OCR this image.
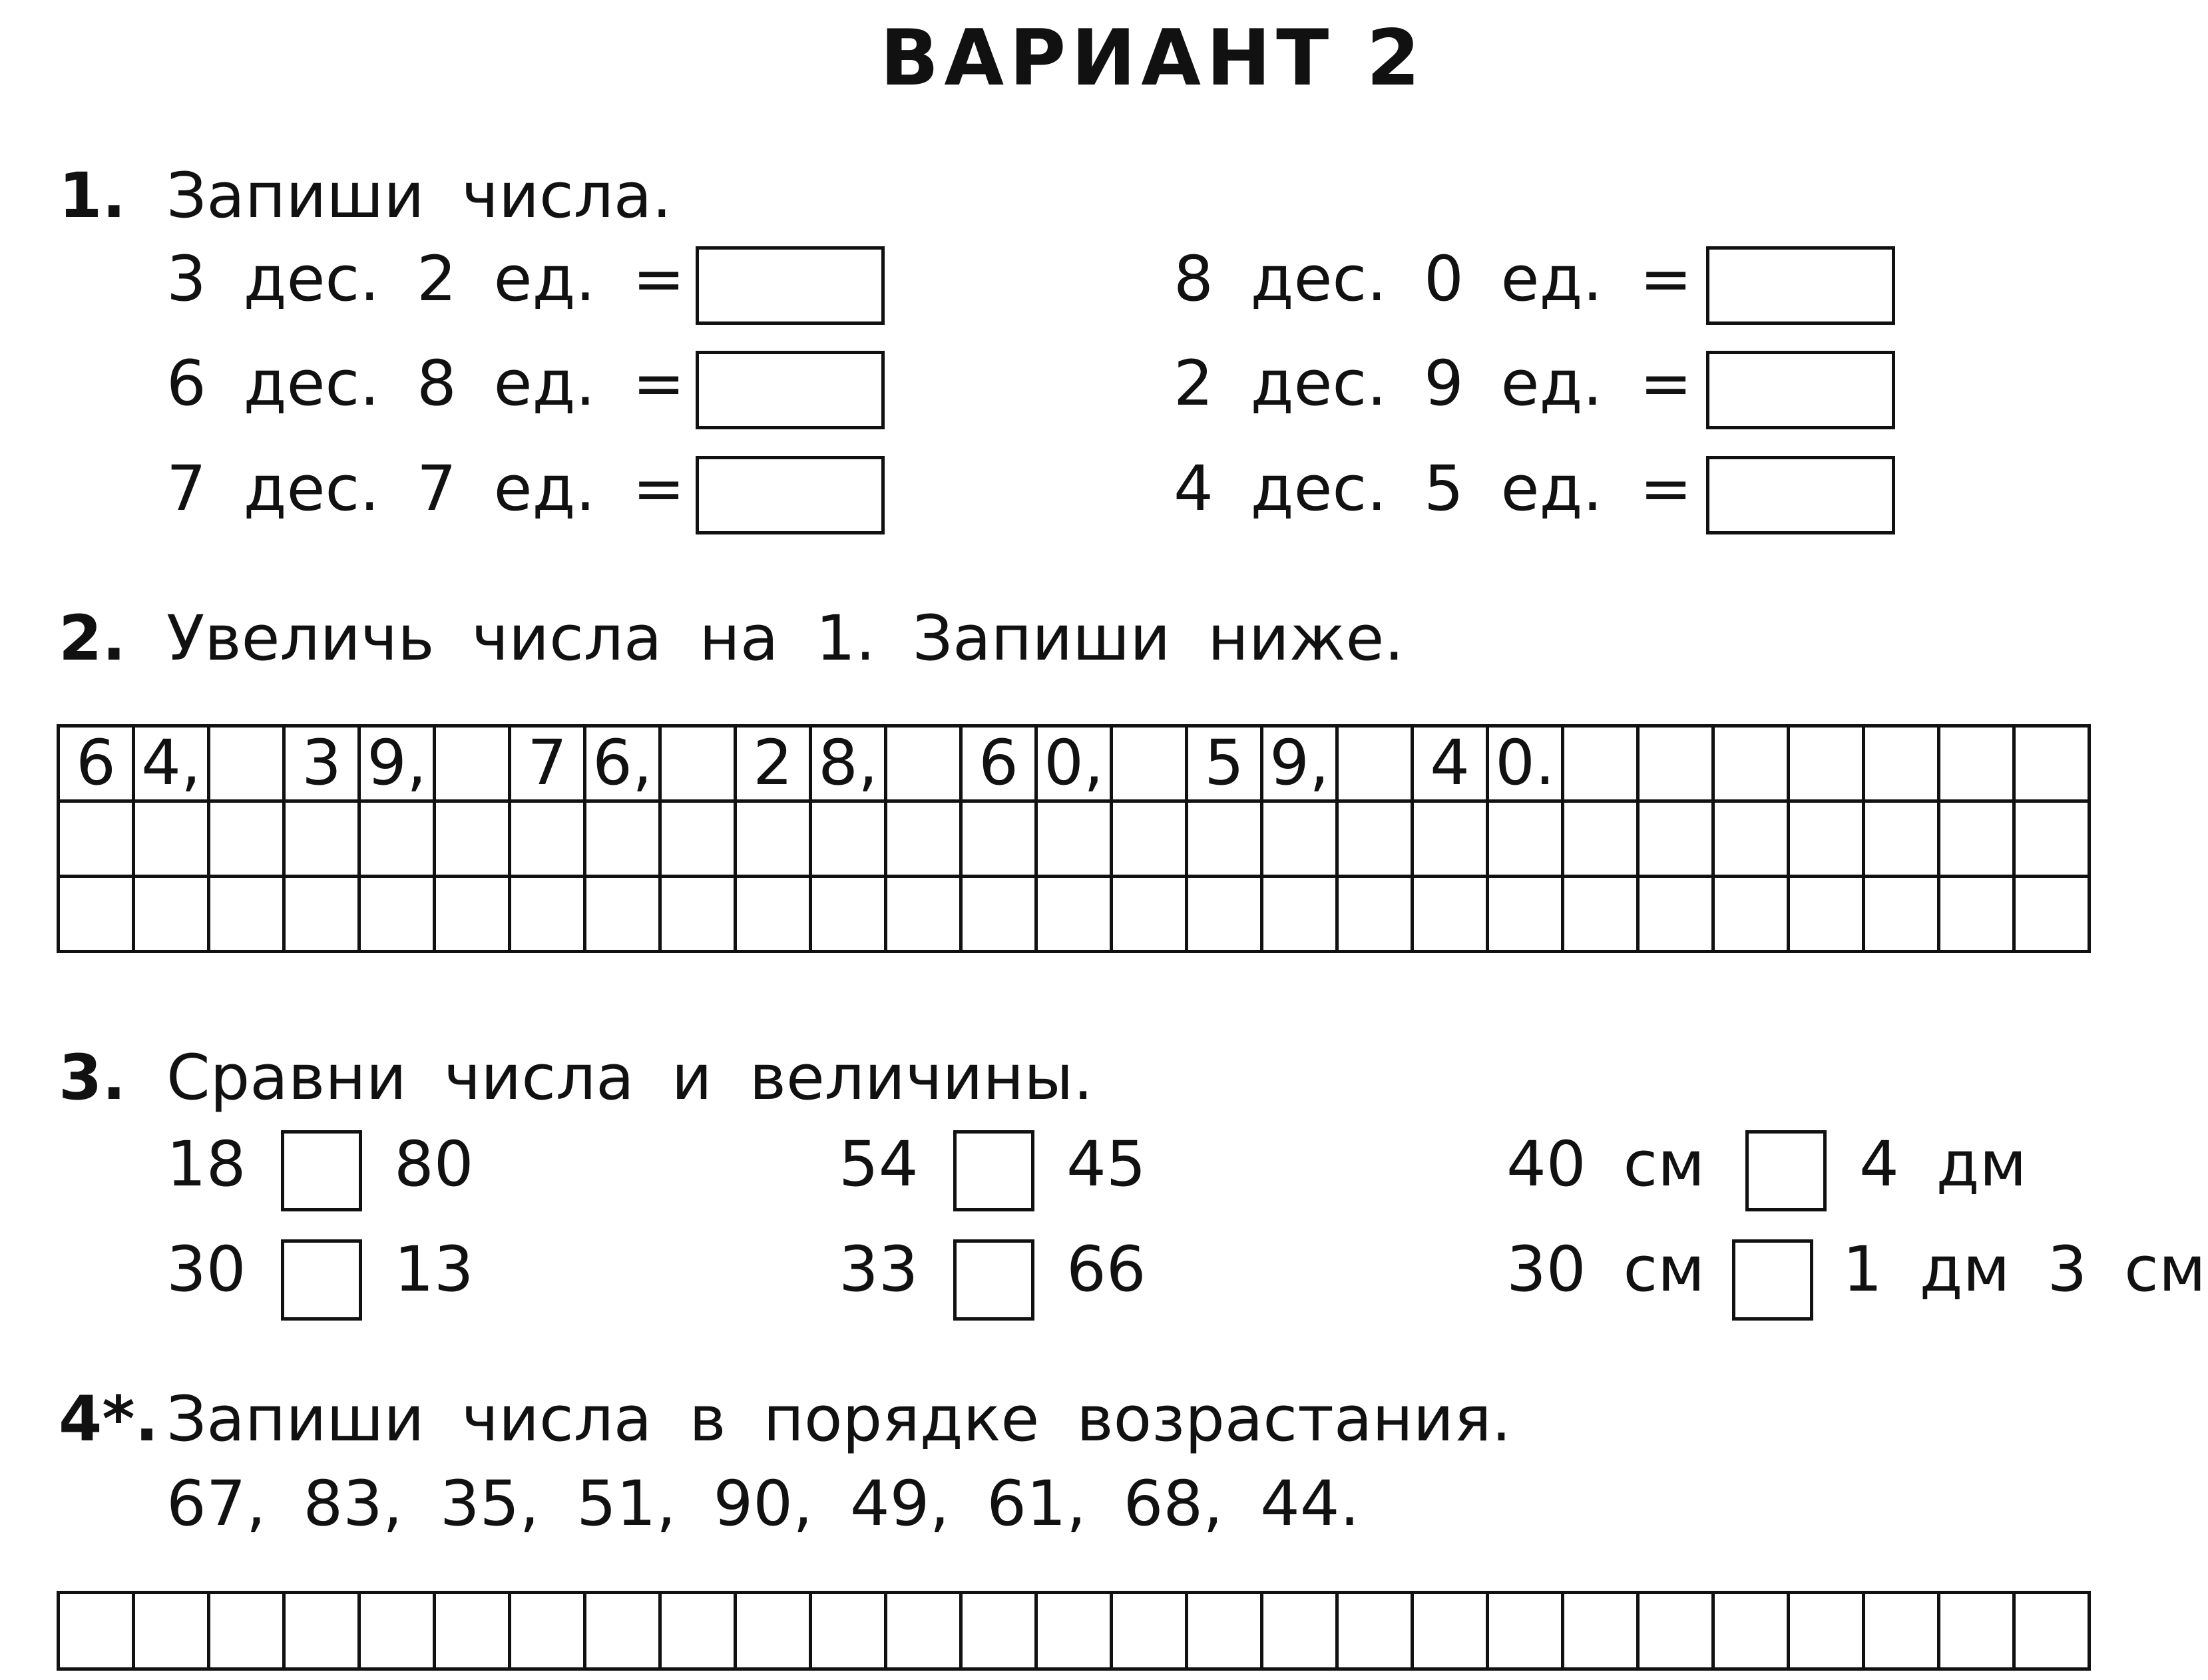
ВАРИАНТ 2
1. Запиши числа.
3 дес. 2 ед. =	8 дес. 0 ед. =
6 дес. 8 ед. =	2 дес. 9 ед. =
7 дес. 7 ед. =	4 дес. 5 ед. =
2. Увеличь числа на 1. Запиши ниже.
6	4,		3	9,		7	6,		2	8,		6	0,		5	9,		4	0.							

3. Сравни числа и величины.
18 80	54 45	40 см 4 дм
30 13	33 66	30 см 1 дм 3 см
4*. Запиши числа в порядке возрастания.
67, 83, 35, 51, 90, 49, 61, 68, 44.
